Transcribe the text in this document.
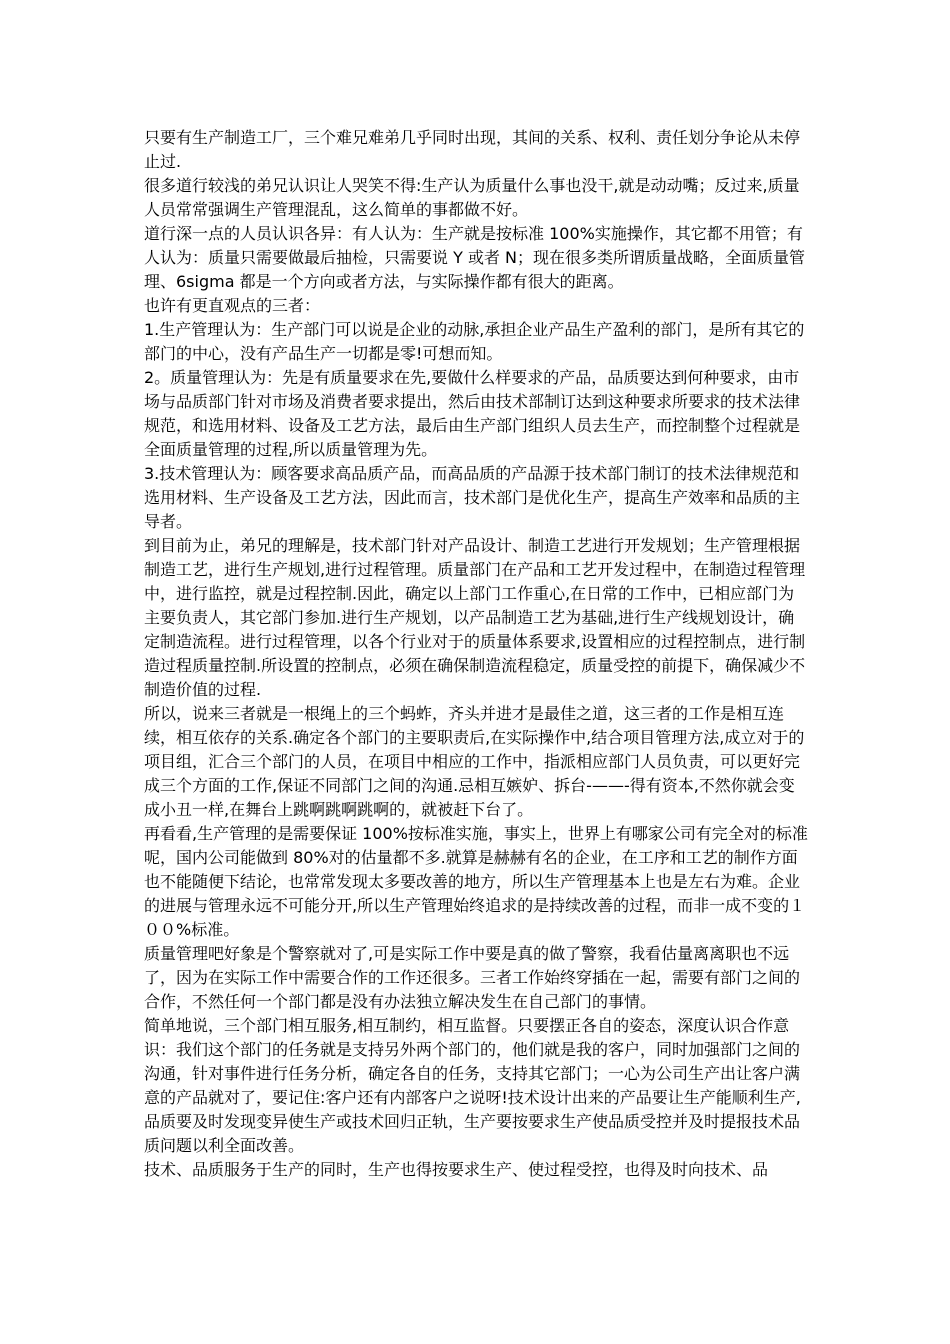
只要有生产制造工厂，三个难兄难弟几乎同时出现，其间的关系、权利、责任划分争论从未停止过.

很多道行较浅的弟兄认识让人哭笑不得:生产认为质量什么事也没干,就是动动嘴；反过来,质量人员常常强调生产管理混乱，这么简单的事都做不好。

道行深一点的人员认识各异：有人认为：生产就是按标准 100%实施操作，其它都不用管；有人认为：质量只需要做最后抽检，只需要说 Y 或者 N；现在很多类所谓质量战略，全面质量管理、6sigma 都是一个方向或者方法，与实际操作都有很大的距离。

也许有更直观点的三者：

1.生产管理认为：生产部门可以说是企业的动脉,承担企业产品生产盈利的部门，是所有其它的部门的中心，没有产品生产一切都是零!可想而知。

2。质量管理认为：先是有质量要求在先,要做什么样要求的产品，品质要达到何种要求，由市场与品质部门针对市场及消费者要求提出，然后由技术部制订达到这种要求所要求的技术法律规范，和选用材料、设备及工艺方法，最后由生产部门组织人员去生产，而控制整个过程就是全面质量管理的过程,所以质量管理为先。

3.技术管理认为：顾客要求高品质产品，而高品质的产品源于技术部门制订的技术法律规范和选用材料、生产设备及工艺方法，因此而言，技术部门是优化生产，提高生产效率和品质的主导者。

到目前为止，弟兄的理解是，技术部门针对产品设计、制造工艺进行开发规划；生产管理根据制造工艺，进行生产规划,进行过程管理。质量部门在产品和工艺开发过程中，在制造过程管理中，进行监控，就是过程控制.因此，确定以上部门工作重心,在日常的工作中，已相应部门为主要负责人，其它部门参加.进行生产规划，以产品制造工艺为基础,进行生产线规划设计，确定制造流程。进行过程管理，以各个行业对于的质量体系要求,设置相应的过程控制点，进行制造过程质量控制.所设置的控制点，必须在确保制造流程稳定，质量受控的前提下，确保减少不制造价值的过程.

所以，说来三者就是一根绳上的三个蚂蚱，齐头并进才是最佳之道，这三者的工作是相互连续，相互依存的关系.确定各个部门的主要职责后,在实际操作中,结合项目管理方法,成立对于的项目组，汇合三个部门的人员，在项目中相应的工作中，指派相应部门人员负责，可以更好完成三个方面的工作,保证不同部门之间的沟通.忌相互嫉妒、拆台-——-得有资本,不然你就会变成小丑一样,在舞台上跳啊跳啊跳啊的，就被赶下台了。

再看看,生产管理的是需要保证 100%按标准实施，事实上，世界上有哪家公司有完全对的标准呢，国内公司能做到 80%对的估量都不多.就算是赫赫有名的企业，在工序和工艺的制作方面也不能随便下结论，也常常发现太多要改善的地方，所以生产管理基本上也是左右为难。企业的进展与管理永远不可能分开,所以生产管理始终追求的是持续改善的过程，而非一成不变的１００%标准。

质量管理吧好象是个警察就对了,可是实际工作中要是真的做了警察，我看估量离离职也不远了，因为在实际工作中需要合作的工作还很多。三者工作始终穿插在一起，需要有部门之间的合作，不然任何一个部门都是没有办法独立解决发生在自己部门的事情。

简单地说，三个部门相互服务,相互制约，相互监督。只要摆正各自的姿态，深度认识合作意识：我们这个部门的任务就是支持另外两个部门的，他们就是我的客户，同时加强部门之间的沟通，针对事件进行任务分析，确定各自的任务，支持其它部门；一心为公司生产出让客户满意的产品就对了，要记住:客户还有内部客户之说呀!技术设计出来的产品要让生产能顺利生产,品质要及时发现变异使生产或技术回归正轨，生产要按要求生产使品质受控并及时提报技术品质问题以利全面改善。

技术、品质服务于生产的同时，生产也得按要求生产、使过程受控，也得及时向技术、品
